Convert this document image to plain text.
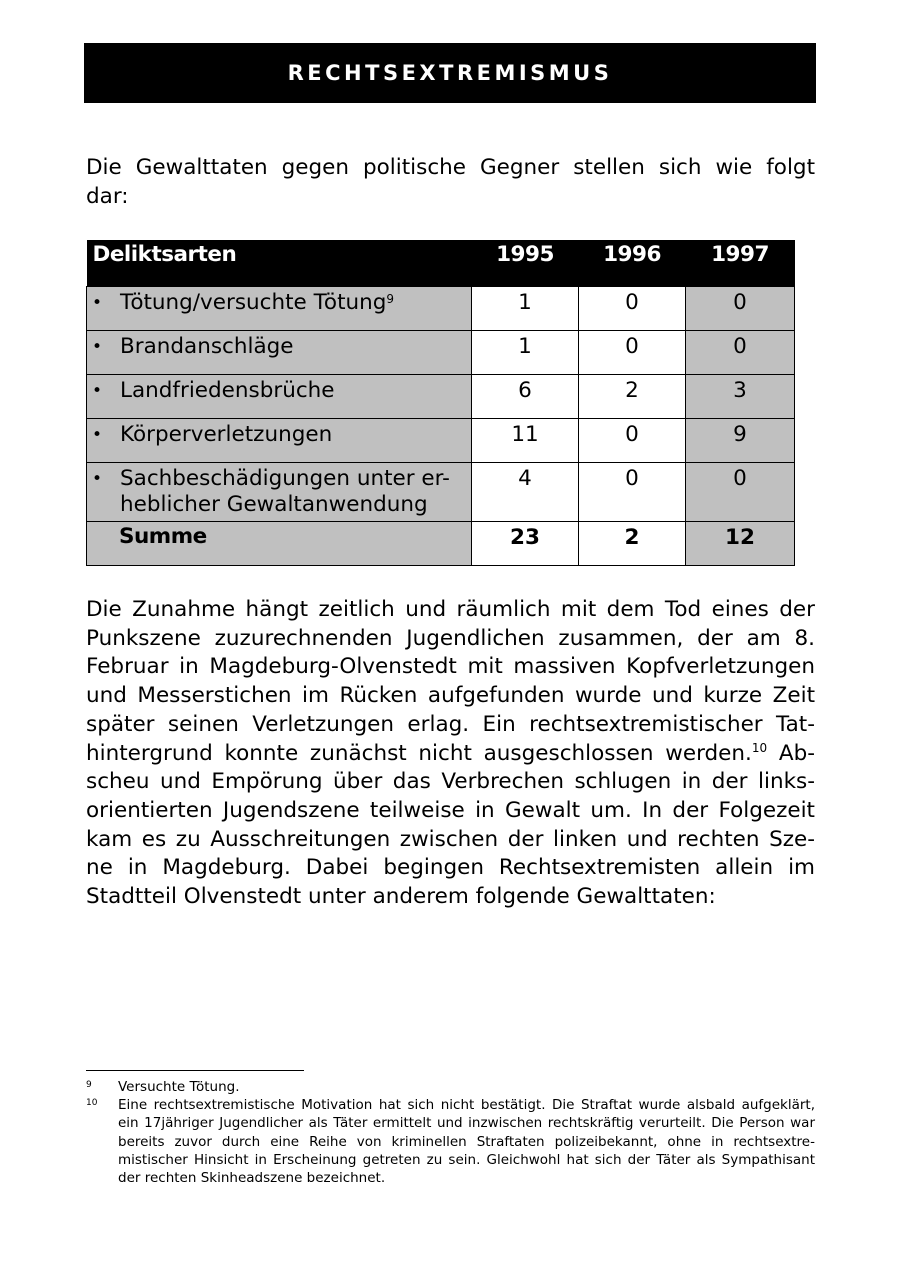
RECHTSEXTREMISMUS

Die Gewalttaten gegen politische Gegner stellen sich wie folgt dar:

Deliktsarten	1995	1996	1997

• Tötung/versuchte Tötung$^9$	1	0	0

• Brandanschläge	1	0	0

• Landfriedensbrüche	6	2	3

• Körperverletzungen	11	0	9

• Sachbeschädigungen unter er-
heblicher Gewaltanwendung	4	0	0

Summe	23	2	12

Die Zunahme hängt zeitlich und räumlich mit dem Tod eines der Punkszene zuzurechnenden Jugendlichen zusammen, der am 8. Februar in Magdeburg-Olvenstedt mit massiven Kopfverletzungen und Messerstichen im Rücken aufgefunden wurde und kurze Zeit später seinen Verletzungen erlag. Ein rechtsextremistischer Tat-hintergrund konnte zunächst nicht ausgeschlossen werden.$^{10}$ Ab-scheu und Empörung über das Verbrechen schlugen in der links-orientierten Jugendszene teilweise in Gewalt um. In der Folgezeit kam es zu Ausschreitungen zwischen der linken und rechten Sze-ne in Magdeburg. Dabei begingen Rechtsextremisten allein im Stadtteil Olvenstedt unter anderem folgende Gewalttaten:

9	Versuchte Tötung.
10	Eine rechtsextremistische Motivation hat sich nicht bestätigt. Die Straftat wurde alsbald aufgeklärt, ein 17jähriger Jugendlicher als Täter ermittelt und inzwischen rechtskräftig verurteilt. Die Person war bereits zuvor durch eine Reihe von kriminellen Straftaten polizeibekannt, ohne in rechtsextre-mistischer Hinsicht in Erscheinung getreten zu sein. Gleichwohl hat sich der Täter als Sympathisant der rechten Skinheadszene bezeichnet.
